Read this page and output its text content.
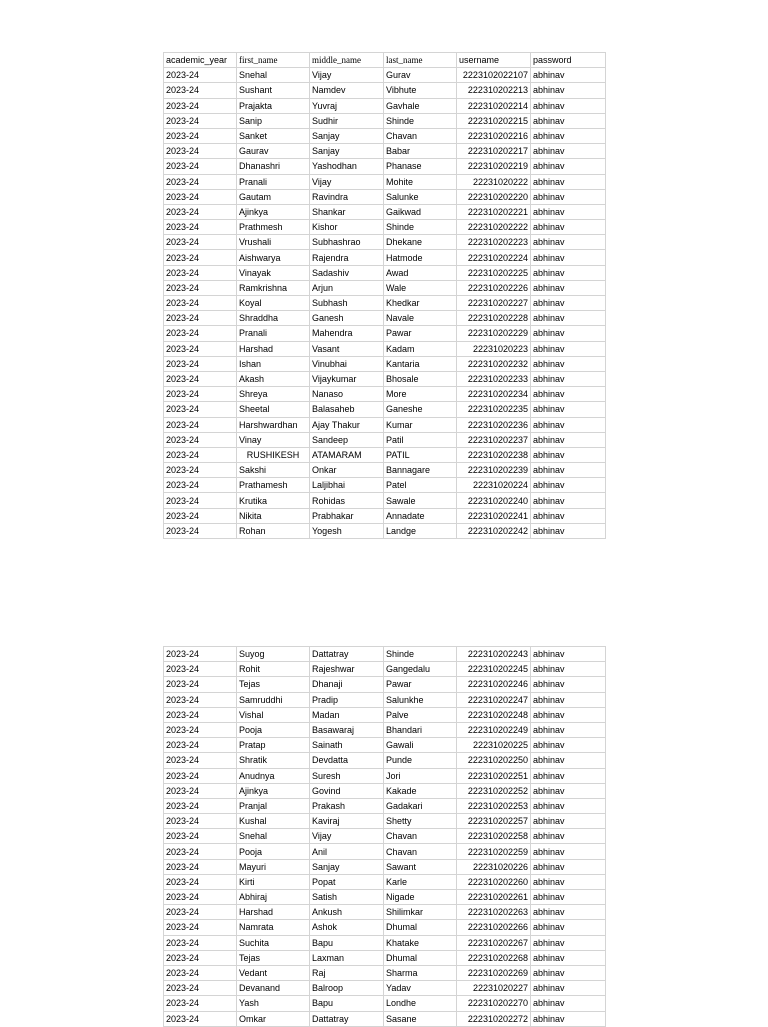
academic_year	first_name	middle_name	last_name	username	password
2023-24	Snehal	Vijay	Gurav	2223102022107	abhinav
2023-24	Sushant	Namdev	Vibhute	222310202213	abhinav
2023-24	Prajakta	Yuvraj	Gavhale	222310202214	abhinav
2023-24	Sanip	Sudhir	Shinde	222310202215	abhinav
2023-24	Sanket	Sanjay	Chavan	222310202216	abhinav
2023-24	Gaurav	Sanjay	Babar	222310202217	abhinav
2023-24	Dhanashri	Yashodhan	Phanase	222310202219	abhinav
2023-24	Pranali	Vijay	Mohite	22231020222	abhinav
2023-24	Gautam	Ravindra	Salunke	222310202220	abhinav
2023-24	Ajinkya	Shankar	Gaikwad	222310202221	abhinav
2023-24	Prathmesh	Kishor	Shinde	222310202222	abhinav
2023-24	Vrushali	Subhashrao	Dhekane	222310202223	abhinav
2023-24	Aishwarya	Rajendra	Hatmode	222310202224	abhinav
2023-24	Vinayak	Sadashiv	Awad	222310202225	abhinav
2023-24	Ramkrishna	Arjun	Wale	222310202226	abhinav
2023-24	Koyal	Subhash	Khedkar	222310202227	abhinav
2023-24	Shraddha	Ganesh	Navale	222310202228	abhinav
2023-24	Pranali	Mahendra	Pawar	222310202229	abhinav
2023-24	Harshad	Vasant	Kadam	22231020223	abhinav
2023-24	Ishan	Vinubhai	Kantaria	222310202232	abhinav
2023-24	Akash	Vijaykumar	Bhosale	222310202233	abhinav
2023-24	Shreya	Nanaso	More	222310202234	abhinav
2023-24	Sheetal	Balasaheb	Ganeshe	222310202235	abhinav
2023-24	Harshwardhan	Ajay Thakur	Kumar	222310202236	abhinav
2023-24	Vinay	Sandeep	Patil	222310202237	abhinav
2023-24	RUSHIKESH	ATAMARAM	PATIL	222310202238	abhinav
2023-24	Sakshi	Onkar	Bannagare	222310202239	abhinav
2023-24	Prathamesh	Laljibhai	Patel	22231020224	abhinav
2023-24	Krutika	Rohidas	Sawale	222310202240	abhinav
2023-24	Nikita	Prabhakar	Annadate	222310202241	abhinav
2023-24	Rohan	Yogesh	Landge	222310202242	abhinav
2023-24	Suyog	Dattatray	Shinde	222310202243	abhinav
2023-24	Rohit	Rajeshwar	Gangedalu	222310202245	abhinav
2023-24	Tejas	Dhanaji	Pawar	222310202246	abhinav
2023-24	Samruddhi	Pradip	Salunkhe	222310202247	abhinav
2023-24	Vishal	Madan	Palve	222310202248	abhinav
2023-24	Pooja	Basawaraj	Bhandari	222310202249	abhinav
2023-24	Pratap	Sainath	Gawali	22231020225	abhinav
2023-24	Shratik	Devdatta	Punde	222310202250	abhinav
2023-24	Anudnya	Suresh	Jori	222310202251	abhinav
2023-24	Ajinkya	Govind	Kakade	222310202252	abhinav
2023-24	Pranjal	Prakash	Gadakari	222310202253	abhinav
2023-24	Kushal	Kaviraj	Shetty	222310202257	abhinav
2023-24	Snehal	Vijay	Chavan	222310202258	abhinav
2023-24	Pooja	Anil	Chavan	222310202259	abhinav
2023-24	Mayuri	Sanjay	Sawant	22231020226	abhinav
2023-24	Kirti	Popat	Karle	222310202260	abhinav
2023-24	Abhiraj	Satish	Nigade	222310202261	abhinav
2023-24	Harshad	Ankush	Shilimkar	222310202263	abhinav
2023-24	Namrata	Ashok	Dhumal	222310202266	abhinav
2023-24	Suchita	Bapu	Khatake	222310202267	abhinav
2023-24	Tejas	Laxman	Dhumal	222310202268	abhinav
2023-24	Vedant	Raj	Sharma	222310202269	abhinav
2023-24	Devanand	Balroop	Yadav	22231020227	abhinav
2023-24	Yash	Bapu	Londhe	222310202270	abhinav
2023-24	Omkar	Dattatray	Sasane	222310202272	abhinav
